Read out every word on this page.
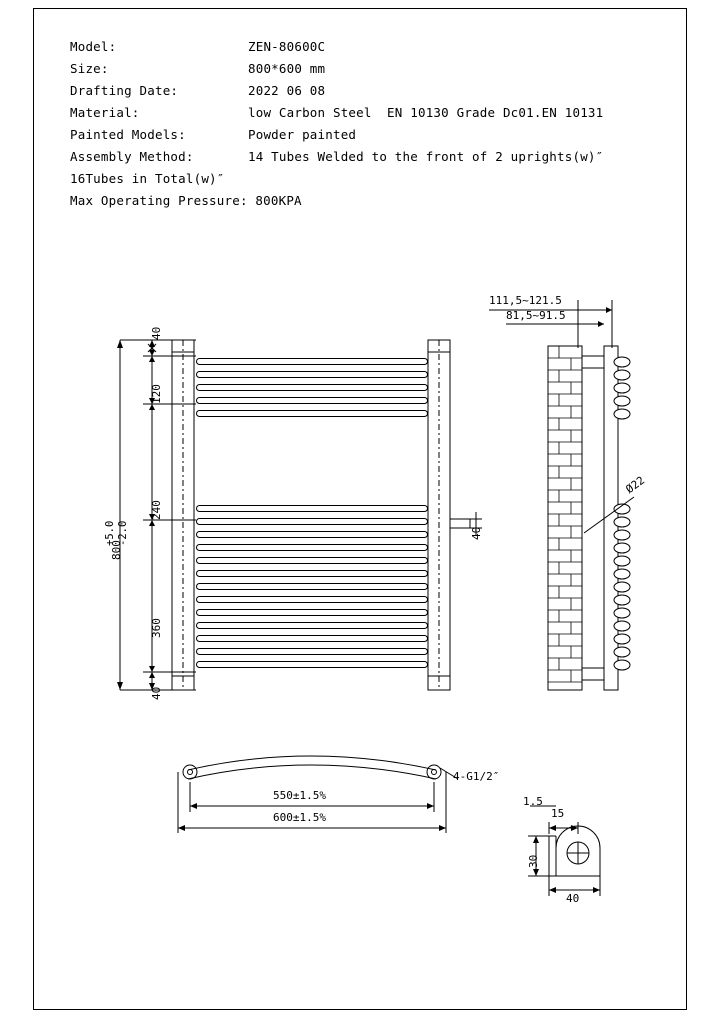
Model:	ZEN-80600C
Size:	800*600 mm
Drafting Date:	2022 06 08
Material:	low Carbon Steel  EN 10130 Grade Dc01.EN 10131
Painted Models:	Powder painted
Assembly Method:	14 Tubes Welded to the front of 2 uprights(w)″
16Tubes in Total(w)″
Max Operating Pressure: 800KPA
40
120
240
360
40
800
+5.0 -2.0	40
111,5~121.5
81,5~91.5
Ø22
4-G1/2″
550±1.5%
600±1.5%
1.5
15
30
40
